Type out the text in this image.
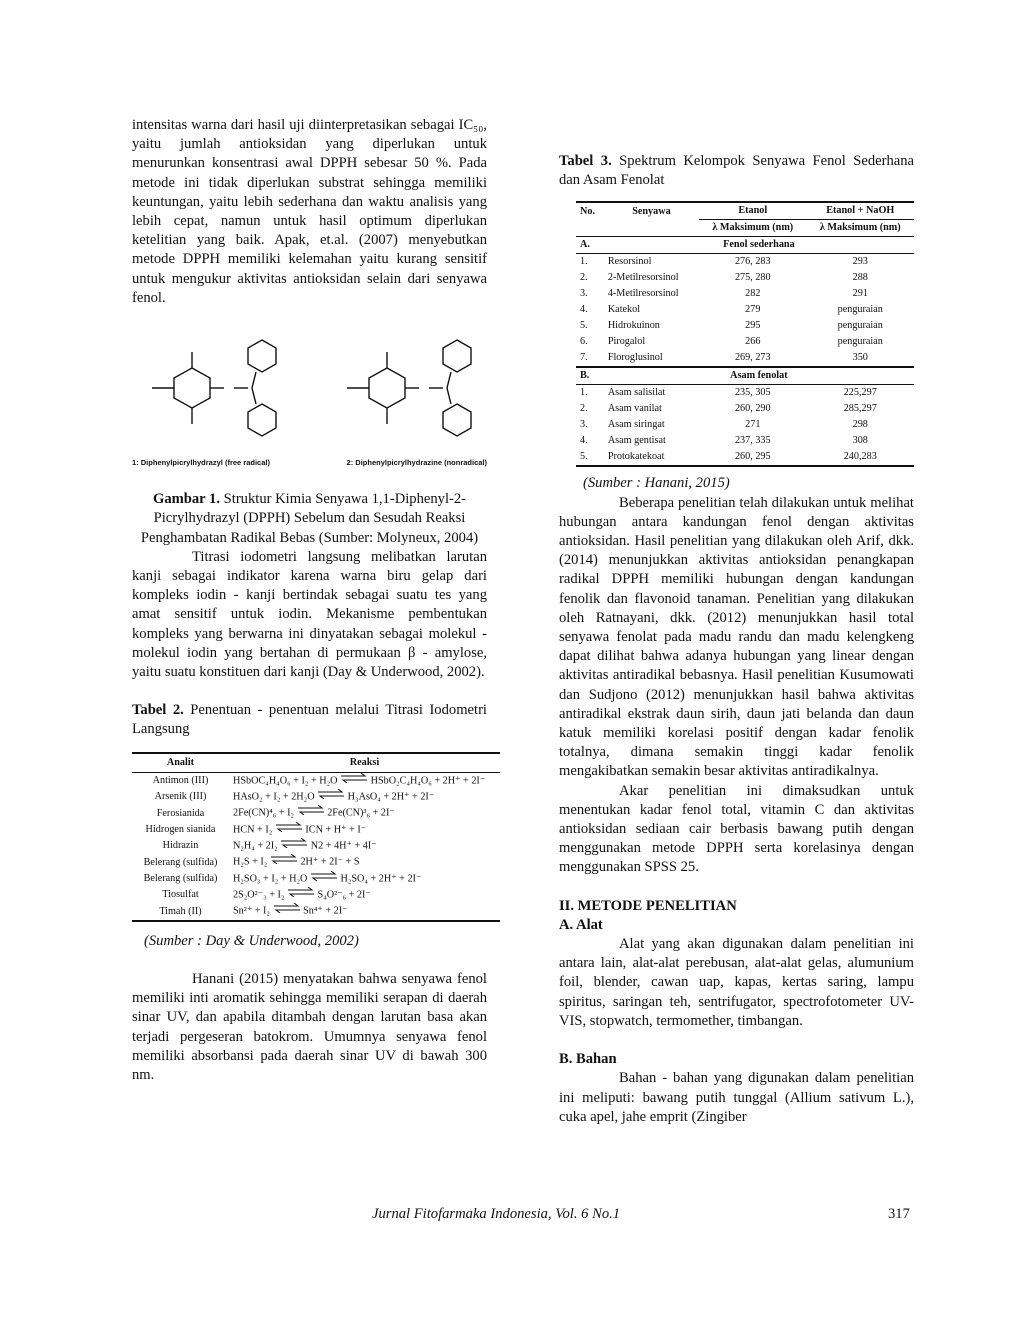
intensitas warna dari hasil uji diinterpretasikan sebagai IC₅₀, yaitu jumlah antioksidan yang diperlukan untuk menurunkan konsentrasi awal DPPH sebesar 50 %. Pada metode ini tidak diperlukan substrat sehingga memiliki keuntungan, yaitu lebih sederhana dan waktu analisis yang lebih cepat, namun untuk hasil optimum diperlukan ketelitian yang baik. Apak, et.al. (2007) menyebutkan metode DPPH memiliki kelemahan yaitu kurang sensitif untuk mengukur aktivitas antioksidan selain dari senyawa fenol.

1: Diphenylpicrylhydrazyl (free radical)	2: Diphenylpicrylhydrazine (nonradical)

Gambar 1. Struktur Kimia Senyawa 1,1-Diphenyl-2-Picrylhydrazyl (DPPH) Sebelum dan Sesudah Reaksi Penghambatan Radikal Bebas (Sumber: Molyneux, 2004)

Titrasi iodometri langsung melibatkan larutan kanji sebagai indikator karena warna biru gelap dari kompleks iodin - kanji bertindak sebagai suatu tes yang amat sensitif untuk iodin. Mekanisme pembentukan kompleks yang berwarna ini dinyatakan sebagai molekul - molekul iodin yang bertahan di permukaan β - amylose, yaitu suatu konstituen dari kanji (Day & Underwood, 2002).

Tabel 2. Penentuan - penentuan melalui Titrasi Iodometri Langsung

Analit	Reaksi
Antimon (III)	HSbOC₄H₄O₆ + I₂ + H₂O ⇌ HSbO₂C₄H₄O₆ + 2H⁺ + 2I⁻
Arsenik (III)	HAsO₂ + I₂ + 2H₂O ⇌ H₃AsO₄ + 2H⁺ + 2I⁻
Ferosianida	2Fe(CN)⁴₆ + I₂ ⇌ 2Fe(CN)³₆ + 2I⁻
Hidrogen sianida	HCN + I₂ ⇌ ICN + H⁺ + I⁻
Hidrazin	N₂H₄ + 2I₂ ⇌ N2 + 4H⁺ + 4I⁻
Belerang (sulfida)	H₂S + I₂ ⇌ 2H⁺ + 2I⁻ + S
Belerang (sulfida)	H₂SO₃ + I₂ + H₂O ⇌ H₂SO₄ + 2H⁺ + 2I⁻
Tiosulfat	2S₂O²⁻₃ + I₂ ⇌ S₄O²⁻₆ + 2I⁻
Timah (II)	Sn²⁺ + I₂ ⇌ Sn⁴⁺ + 2I⁻

(Sumber : Day & Underwood, 2002)

Hanani (2015) menyatakan bahwa senyawa fenol memiliki inti aromatik sehingga memiliki serapan di daerah sinar UV, dan apabila ditambah dengan larutan basa akan terjadi pergeseran batokrom. Umumnya senyawa fenol memiliki absorbansi pada daerah sinar UV di bawah 300 nm.

Tabel 3. Spektrum Kelompok Senyawa Fenol Sederhana dan Asam Fenolat

No.	Senyawa	Etanol	Etanol + NaOH
		λ Maksimum (nm)	λ Maksimum (nm)
A.	Fenol sederhana		
1.	Resorsinol	276, 283	293
2.	2-Metilresorsinol	275, 280	288
3.	4-Metilresorsinol	282	291
4.	Katekol	279	penguraian
5.	Hidrokuinon	295	penguraian
6.	Pirogalol	266	penguraian
7.	Floroglusinol	269, 273	350
B.	Asam fenolat		
1.	Asam salisilat	235, 305	225,297
2.	Asam vanilat	260, 290	285,297
3.	Asam siringat	271	298
4.	Asam gentisat	237, 335	308
5.	Protokatekoat	260, 295	240,283

(Sumber : Hanani, 2015)

Beberapa penelitian telah dilakukan untuk melihat hubungan antara kandungan fenol dengan aktivitas antioksidan. Hasil penelitian yang dilakukan oleh Arif, dkk. (2014) menunjukkan aktivitas antioksidan penangkapan radikal DPPH memiliki hubungan dengan kandungan fenolik dan flavonoid tanaman. Penelitian yang dilakukan oleh Ratnayani, dkk. (2012) menunjukkan hasil total senyawa fenolat pada madu randu dan madu kelengkeng dapat dilihat bahwa adanya hubungan yang linear dengan aktivitas antiradikal bebasnya. Hasil penelitian Kusumowati dan Sudjono (2012) menunjukkan hasil bahwa aktivitas antiradikal ekstrak daun sirih, daun jati belanda dan daun katuk memiliki korelasi positif dengan kadar fenolik totalnya, dimana semakin tinggi kadar fenolik mengakibatkan semakin besar aktivitas antiradikalnya.

Akar penelitian ini dimaksudkan untuk menentukan kadar fenol total, vitamin C dan aktivitas antioksidan sediaan cair berbasis bawang putih dengan menggunakan metode DPPH serta korelasinya dengan menggunakan SPSS 25.

II. METODE PENELITIAN

A. Alat

Alat yang akan digunakan dalam penelitian ini antara lain, alat-alat perebusan, alat-alat gelas, alumunium foil, blender, cawan uap, kapas, kertas saring, lampu spiritus, saringan teh, sentrifugator, spectrofotometer UV-VIS, stopwatch, termomether, timbangan.

B. Bahan

Bahan - bahan yang digunakan dalam penelitian ini meliputi: bawang putih tunggal (Allium sativum L.), cuka apel, jahe emprit (Zingiber

Jurnal Fitofarmaka Indonesia, Vol. 6 No.1	317
